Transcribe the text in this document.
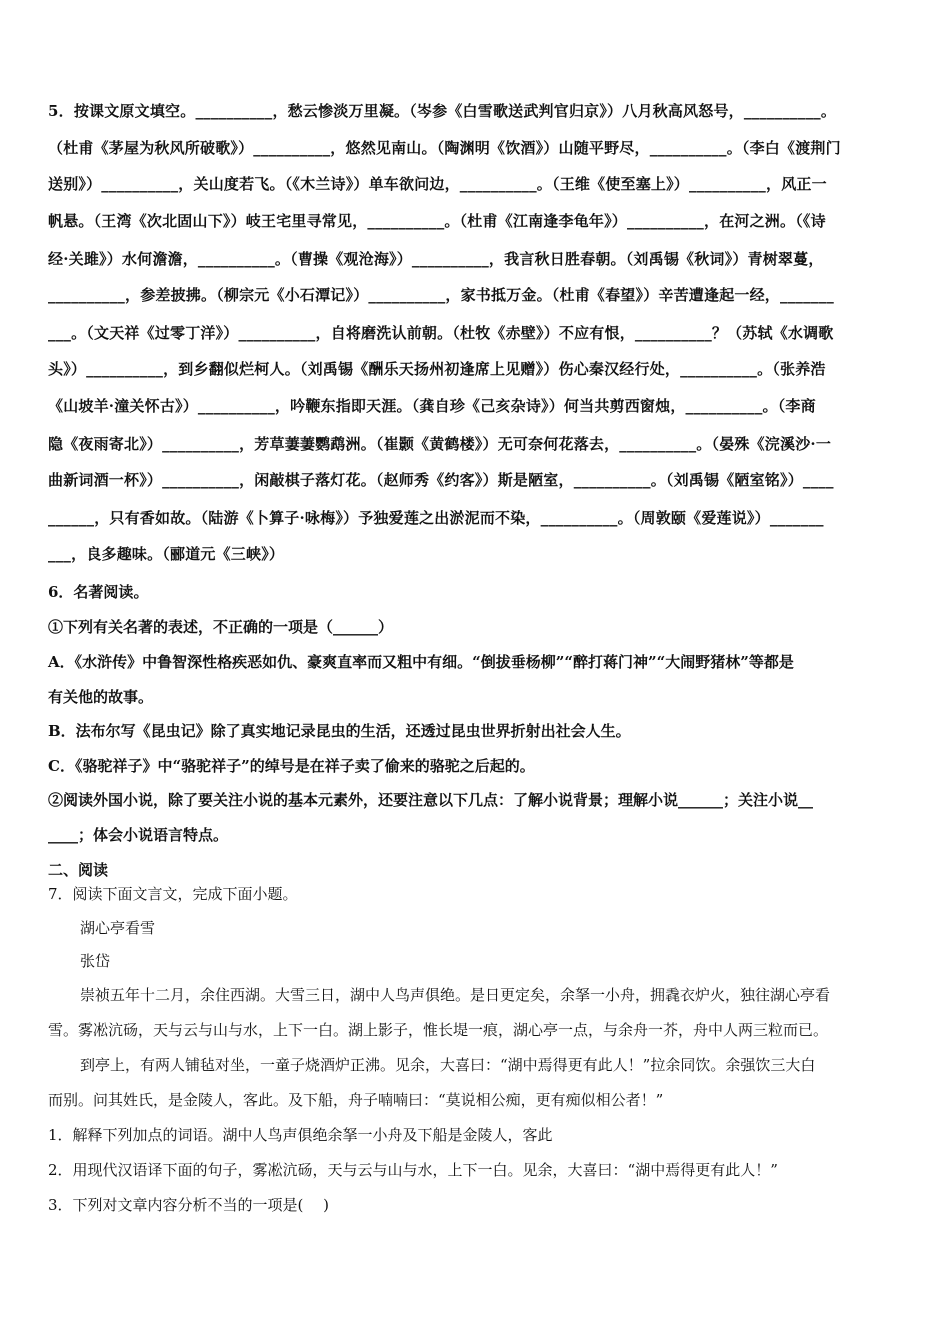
5．按课文原文填空。__________，愁云惨淡万里凝。（岑参《白雪歌送武判官归京》）八月秋高风怒号，__________。
（杜甫《茅屋为秋风所破歌》）__________，悠然见南山。（陶渊明《饮酒》）山随平野尽，__________。（李白《渡荆门
送别》）__________，关山度若飞。（《木兰诗》）单车欲问边，__________。（王维《使至塞上》）__________，风正一
帆悬。（王湾《次北固山下》）岐王宅里寻常见，__________。（杜甫《江南逢李龟年》）__________，在河之洲。（《诗
经·关雎》）水何澹澹，__________。（曹操《观沧海》）__________，我言秋日胜春朝。（刘禹锡《秋词》）青树翠蔓，
__________，参差披拂。（柳宗元《小石潭记》）__________，家书抵万金。（杜甫《春望》）辛苦遭逢起一经，_______
___。（文天祥《过零丁洋》）__________，自将磨洗认前朝。（杜牧《赤壁》）不应有恨，__________？（苏轼《水调歌
头》）__________，到乡翻似烂柯人。（刘禹锡《酬乐天扬州初逢席上见赠》）伤心秦汉经行处，__________。（张养浩
《山坡羊·潼关怀古》）__________，吟鞭东指即天涯。（龚自珍《己亥杂诗》）何当共剪西窗烛，__________。（李商
隐《夜雨寄北》）__________，芳草萋萋鹦鹉洲。（崔颢《黄鹤楼》）无可奈何花落去，__________。（晏殊《浣溪沙·一
曲新词酒一杯》）__________，闲敲棋子落灯花。（赵师秀《约客》）斯是陋室，__________。（刘禹锡《陋室铭》）____
______，只有香如故。（陆游《卜算子·咏梅》）予独爱莲之出淤泥而不染，__________。（周敦颐《爱莲说》）_______
___，良多趣味。（郦道元《三峡》）
6．名著阅读。
①下列有关名著的表述，不正确的一项是（______）
A．《水浒传》中鲁智深性格疾恶如仇、豪爽直率而又粗中有细。“倒拔垂杨柳”“醉打蒋门神”“大闹野猪林”等都是
有关他的故事。
B．法布尔写《昆虫记》除了真实地记录昆虫的生活，还透过昆虫世界折射出社会人生。
C．《骆驼祥子》中“骆驼祥子”的绰号是在祥子卖了偷来的骆驼之后起的。
②阅读外国小说，除了要关注小说的基本元素外，还要注意以下几点：了解小说背景；理解小说______；关注小说__
____；体会小说语言特点。
二、阅读
7．阅读下面文言文，完成下面小题。
湖心亭看雪
张岱
崇祯五年十二月，余住西湖。大雪三日，湖中人鸟声俱绝。是日更定矣，余拏一小舟，拥毳衣炉火，独往湖心亭看
雪。雾凇沆砀，天与云与山与水，上下一白。湖上影子，惟长堤一痕，湖心亭一点，与余舟一芥，舟中人两三粒而已。
到亭上，有两人铺毡对坐，一童子烧酒炉正沸。见余，大喜曰：“湖中焉得更有此人！”拉余同饮。余强饮三大白
而别。问其姓氏，是金陵人，客此。及下船，舟子喃喃曰：“莫说相公痴，更有痴似相公者！”
1．解释下列加点的词语。湖中人鸟声俱绝余拏一小舟及下船是金陵人，客此
2．用现代汉语译下面的句子，雾凇沆砀，天与云与山与水，上下一白。见余，大喜曰：“湖中焉得更有此人！”
3．下列对文章内容分析不当的一项是(　 )
